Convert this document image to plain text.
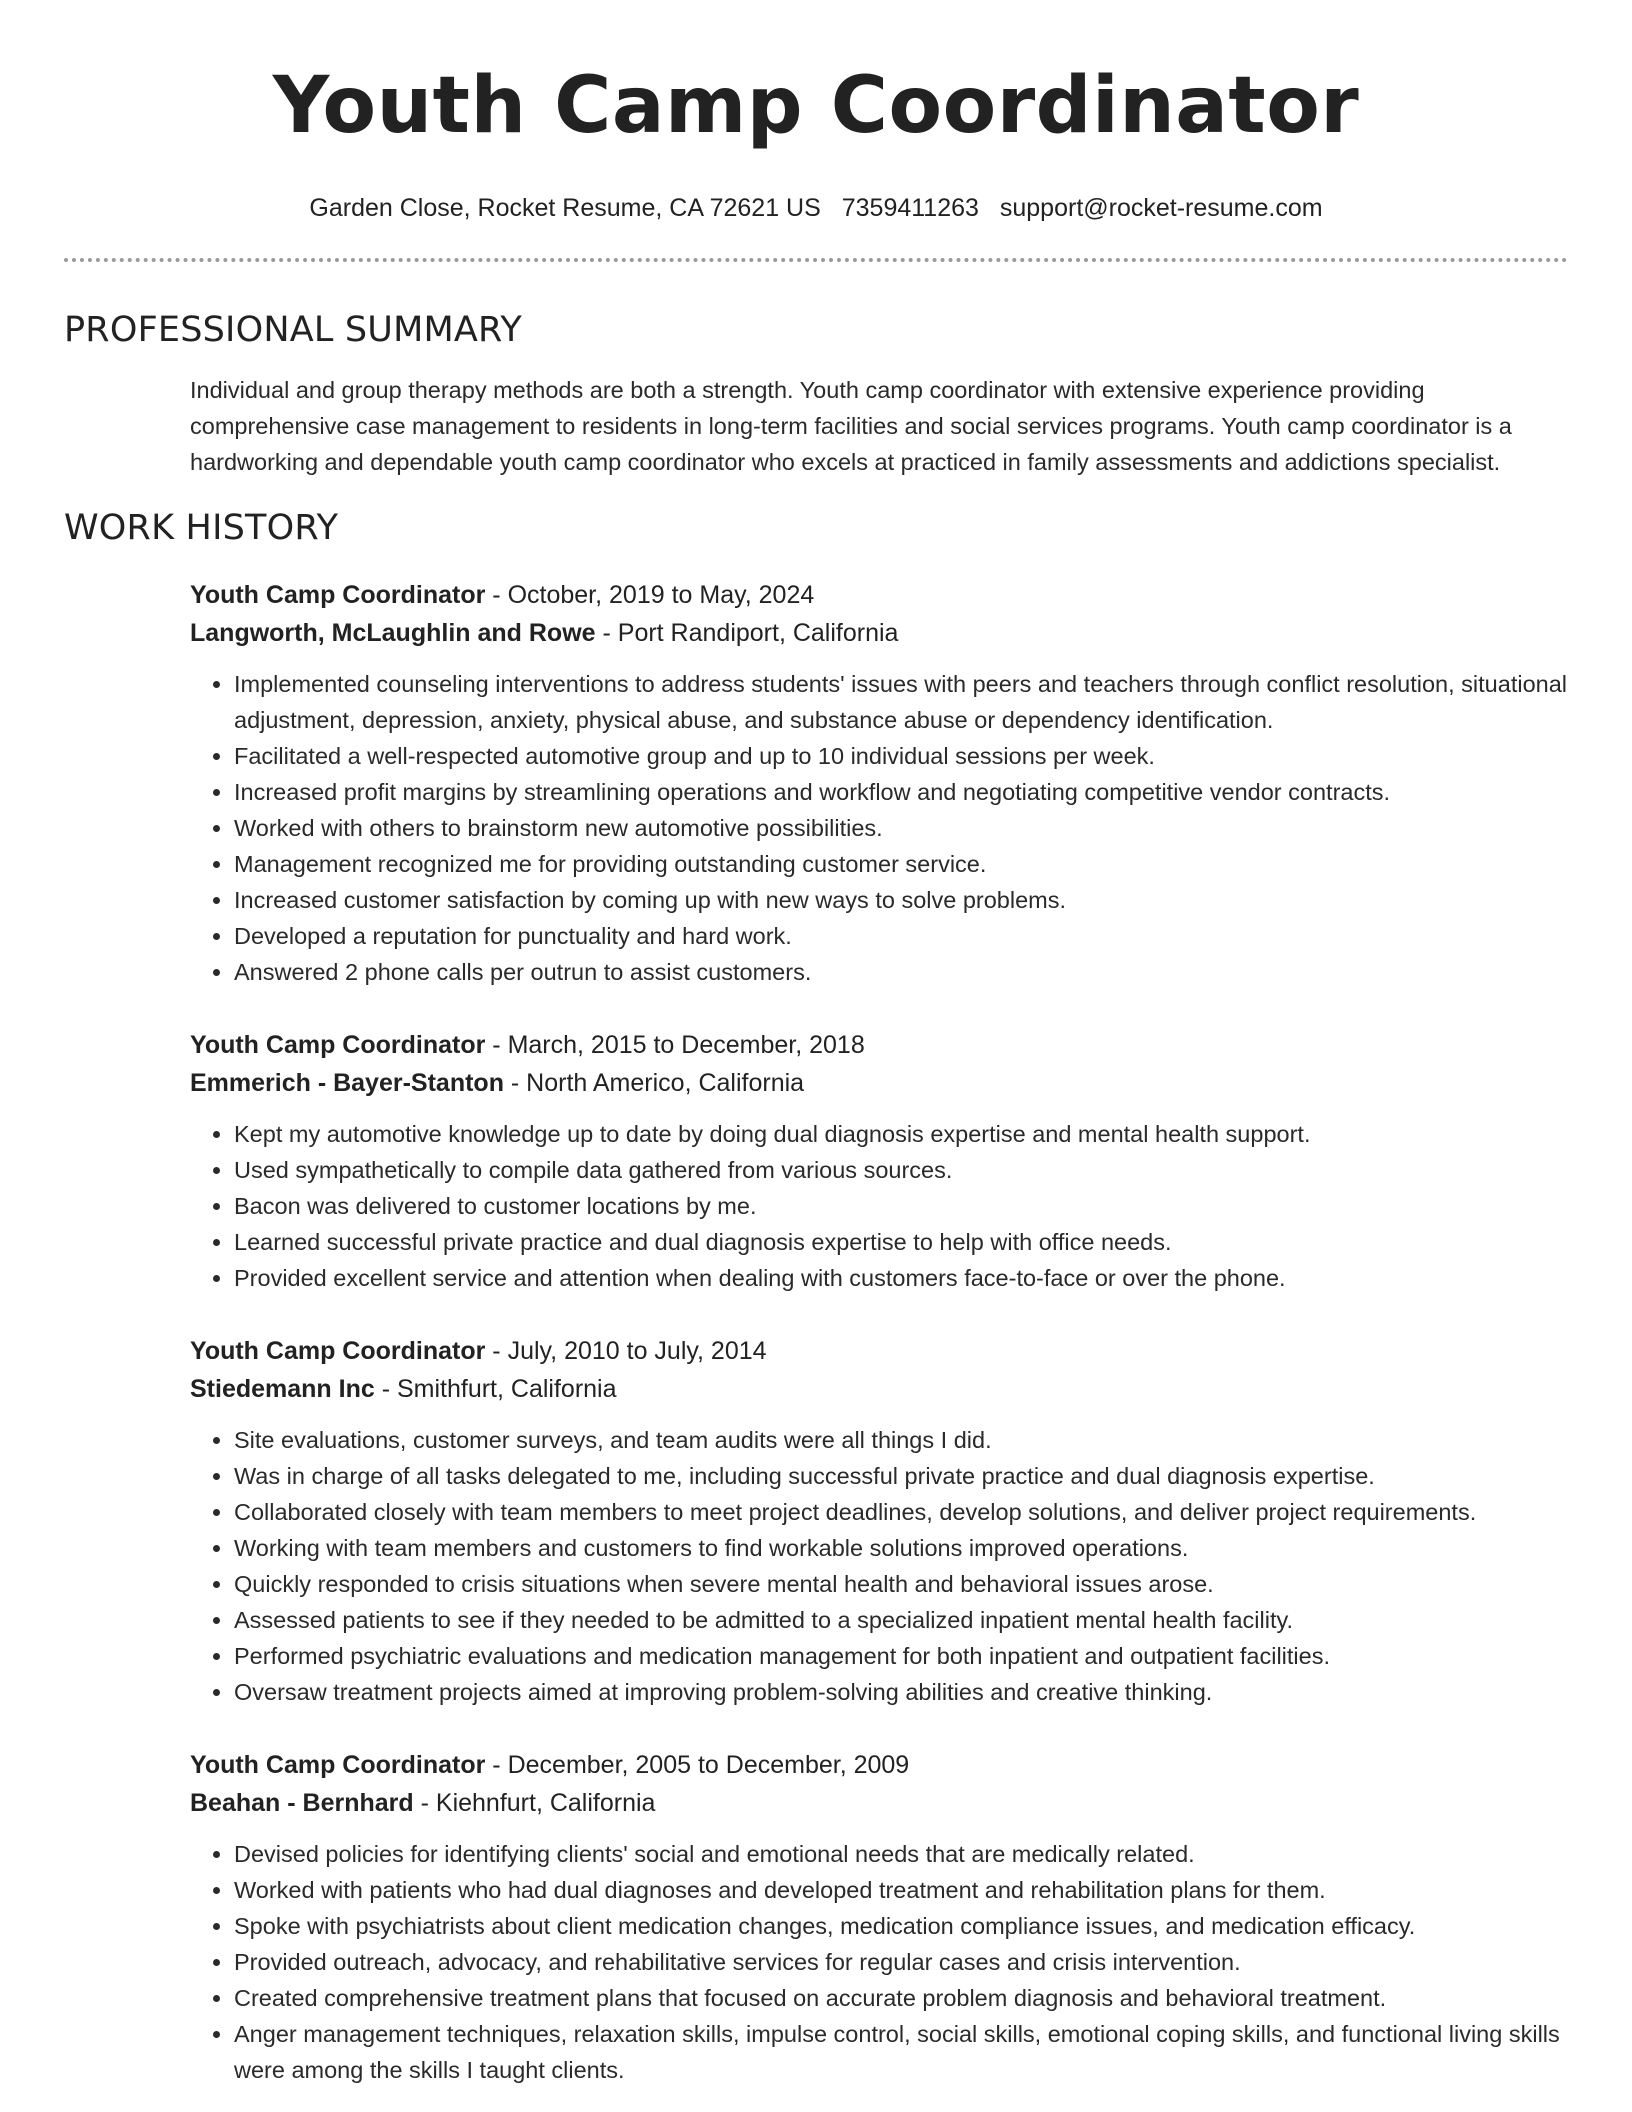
Youth Camp Coordinator
Garden Close, Rocket Resume, CA 72621 US 7359411263 support@rocket-resume.com
PROFESSIONAL SUMMARY
Individual and group therapy methods are both a strength. Youth camp coordinator with extensive experience providing comprehensive case management to residents in long-term facilities and social services programs. Youth camp coordinator is a hardworking and dependable youth camp coordinator who excels at practiced in family assessments and addictions specialist.
WORK HISTORY
Youth Camp Coordinator - October, 2019 to May, 2024
Langworth, McLaughlin and Rowe - Port Randiport, California
• Implemented counseling interventions to address students' issues with peers and teachers through conflict resolution, situational adjustment, depression, anxiety, physical abuse, and substance abuse or dependency identification.
• Facilitated a well-respected automotive group and up to 10 individual sessions per week.
• Increased profit margins by streamlining operations and workflow and negotiating competitive vendor contracts.
• Worked with others to brainstorm new automotive possibilities.
• Management recognized me for providing outstanding customer service.
• Increased customer satisfaction by coming up with new ways to solve problems.
• Developed a reputation for punctuality and hard work.
• Answered 2 phone calls per outrun to assist customers.
Youth Camp Coordinator - March, 2015 to December, 2018
Emmerich - Bayer-Stanton - North Americo, California
• Kept my automotive knowledge up to date by doing dual diagnosis expertise and mental health support.
• Used sympathetically to compile data gathered from various sources.
• Bacon was delivered to customer locations by me.
• Learned successful private practice and dual diagnosis expertise to help with office needs.
• Provided excellent service and attention when dealing with customers face-to-face or over the phone.
Youth Camp Coordinator - July, 2010 to July, 2014
Stiedemann Inc - Smithfurt, California
• Site evaluations, customer surveys, and team audits were all things I did.
• Was in charge of all tasks delegated to me, including successful private practice and dual diagnosis expertise.
• Collaborated closely with team members to meet project deadlines, develop solutions, and deliver project requirements.
• Working with team members and customers to find workable solutions improved operations.
• Quickly responded to crisis situations when severe mental health and behavioral issues arose.
• Assessed patients to see if they needed to be admitted to a specialized inpatient mental health facility.
• Performed psychiatric evaluations and medication management for both inpatient and outpatient facilities.
• Oversaw treatment projects aimed at improving problem-solving abilities and creative thinking.
Youth Camp Coordinator - December, 2005 to December, 2009
Beahan - Bernhard - Kiehnfurt, California
• Devised policies for identifying clients' social and emotional needs that are medically related.
• Worked with patients who had dual diagnoses and developed treatment and rehabilitation plans for them.
• Spoke with psychiatrists about client medication changes, medication compliance issues, and medication efficacy.
• Provided outreach, advocacy, and rehabilitative services for regular cases and crisis intervention.
• Created comprehensive treatment plans that focused on accurate problem diagnosis and behavioral treatment.
• Anger management techniques, relaxation skills, impulse control, social skills, emotional coping skills, and functional living skills were among the skills I taught clients.
